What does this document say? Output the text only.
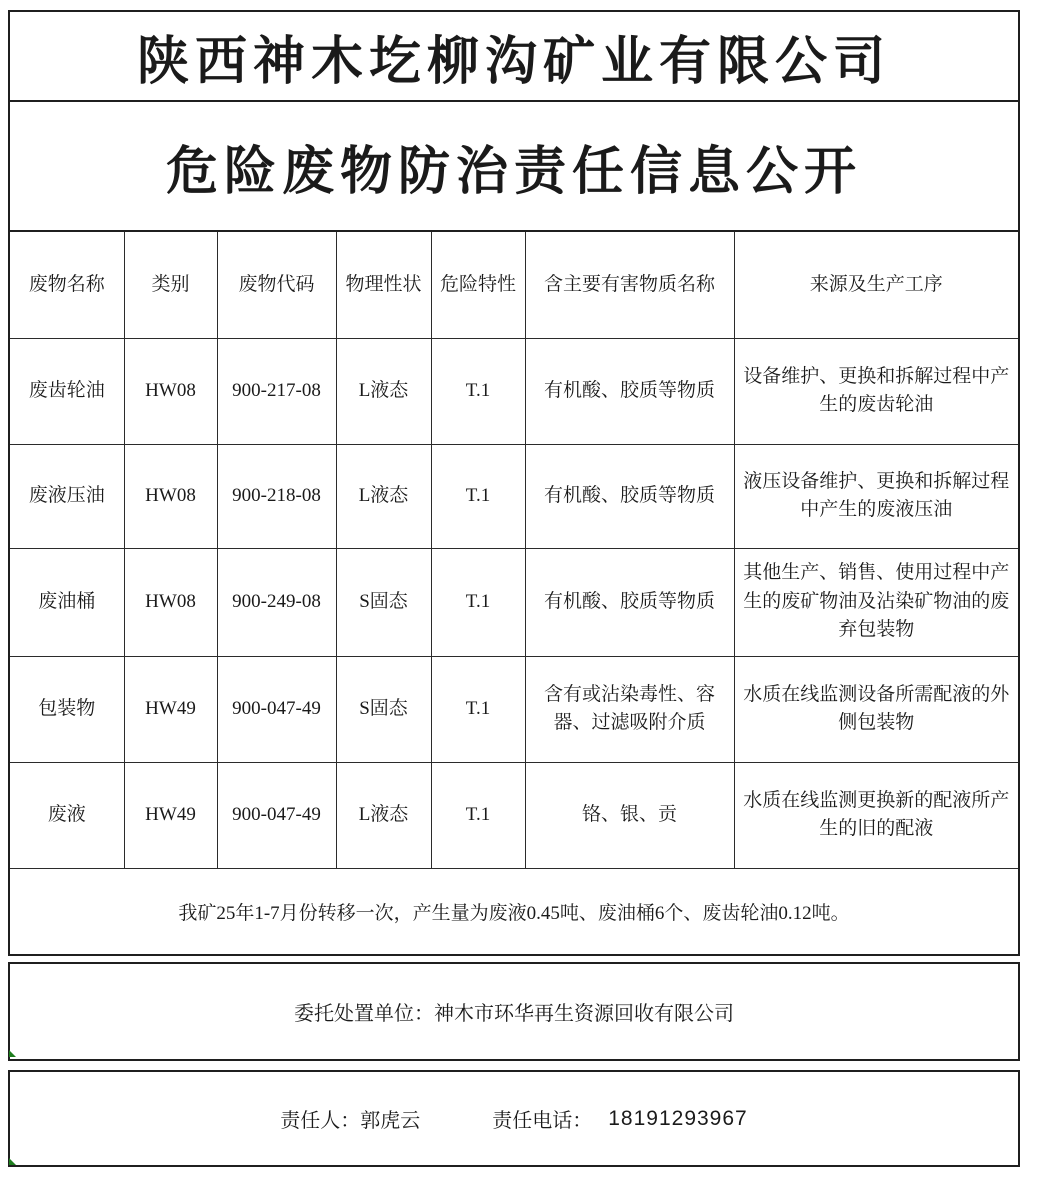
陕西神木圪柳沟矿业有限公司
危险废物防治责任信息公开
废物名称	类别	废物代码	物理性状	危险特性	含主要有害物质名称	来源及生产工序
废齿轮油	HW08	900-217-08	L液态	T.1	有机酸、胶质等物质	设备维护、更换和拆解过程中产生的废齿轮油
废液压油	HW08	900-218-08	L液态	T.1	有机酸、胶质等物质	液压设备维护、更换和拆解过程中产生的废液压油
废油桶	HW08	900-249-08	S固态	T.1	有机酸、胶质等物质	其他生产、销售、使用过程中产生的废矿物油及沾染矿物油的废弃包装物
包装物	HW49	900-047-49	S固态	T.1	含有或沾染毒性、容器、过滤吸附介质	水质在线监测设备所需配液的外侧包装物
废液	HW49	900-047-49	L液态	T.1	铬、银、贡	水质在线监测更换新的配液所产生的旧的配液
我矿25年1-7月份转移一次，产生量为废液0.45吨、废油桶6个、废齿轮油0.12吨。
委托处置单位：神木市环华再生资源回收有限公司
责任人： 郭虎云	责任电话： 18191293967
